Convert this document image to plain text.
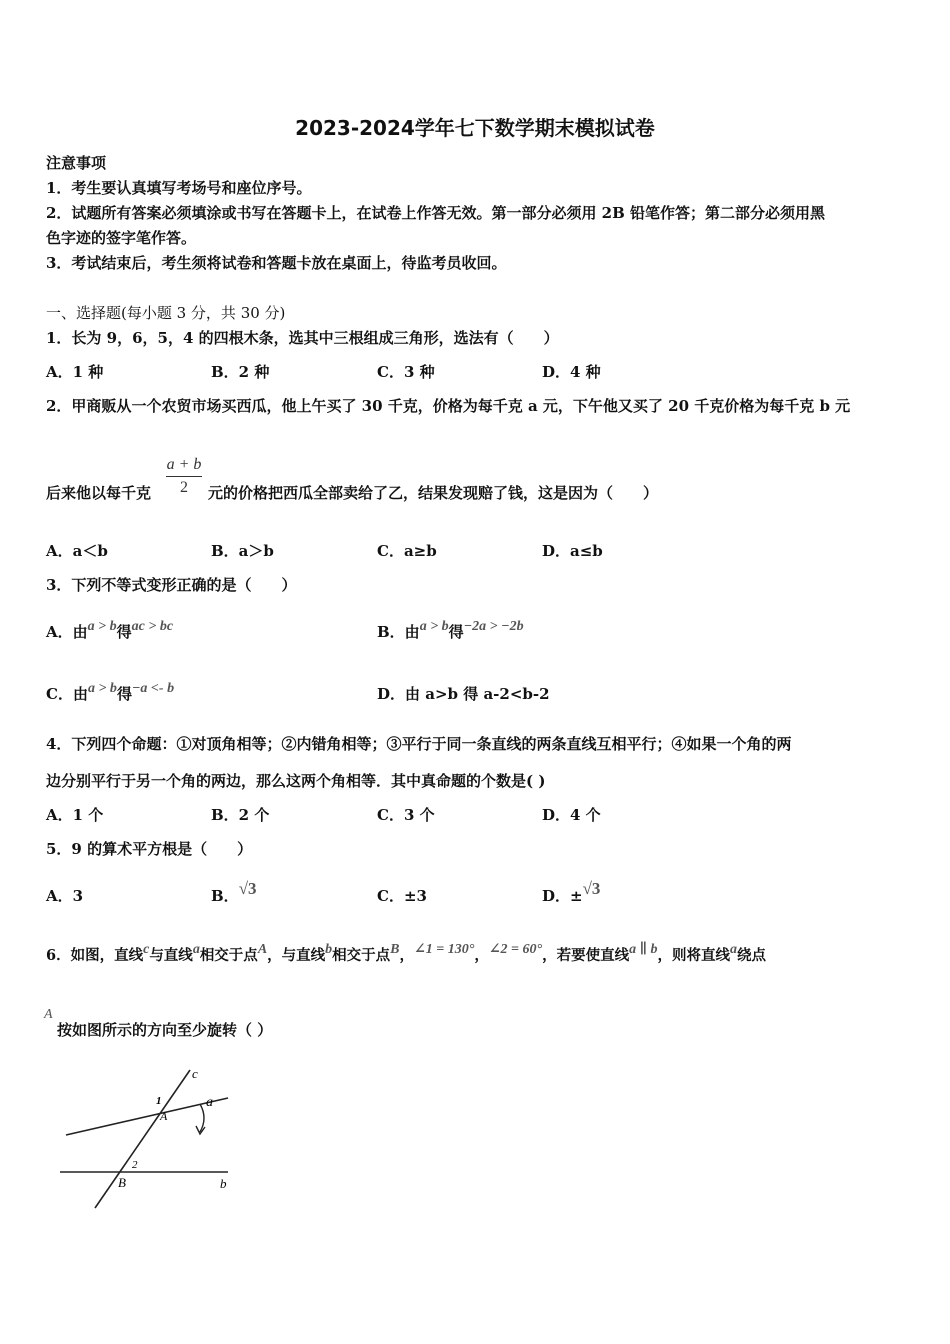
2023-2024学年七下数学期末模拟试卷
注意事项
1．考生要认真填写考场号和座位序号。
2．试题所有答案必须填涂或书写在答题卡上，在试卷上作答无效。第一部分必须用 2B 铅笔作答；第二部分必须用黑
色字迹的签字笔作答。
3．考试结束后，考生须将试卷和答题卡放在桌面上，待监考员收回。
一、选择题(每小题 3 分，共 30 分)
1．长为 9，6，5，4 的四根木条，选其中三根组成三角形，选法有（　　）
A．1 种	B．2 种	C．3 种	D．4 种
2．甲商贩从一个农贸市场买西瓜，他上午买了 30 千克，价格为每千克 a 元，下午他又买了 20 千克价格为每千克 b 元
后来他以每千克
a + b
2	元的价格把西瓜全部卖给了乙，结果发现赔了钱，这是因为（　　）
A．a＜b	B．a＞b	C．a≥b	D．a≤b
3．下列不等式变形正确的是（　　）
A．由a > b得ac > bc	B．由a > b得−2a > −2b
C．由a > b得−a <- b	D．由 a>b 得 a-2<b-2
4．下列四个命题：①对顶角相等；②内错角相等；③平行于同一条直线的两条直线互相平行；④如果一个角的两
边分别平行于另一个角的两边，那么这两个角相等．其中真命题的个数是( )
A．1 个	B．2 个	C．3 个	D．4 个
5．9 的算术平方根是（　　）
A．3	B．√3	C．±3	D．±√3
6．如图，直线c与直线a相交于点A，与直线b相交于点B，∠1 = 130°，∠2 = 60°，若要使直线a ∥ b，则将直线a绕点
A
按如图所示的方向至少旋转（ ）
c
a
b
A
B
1
2
